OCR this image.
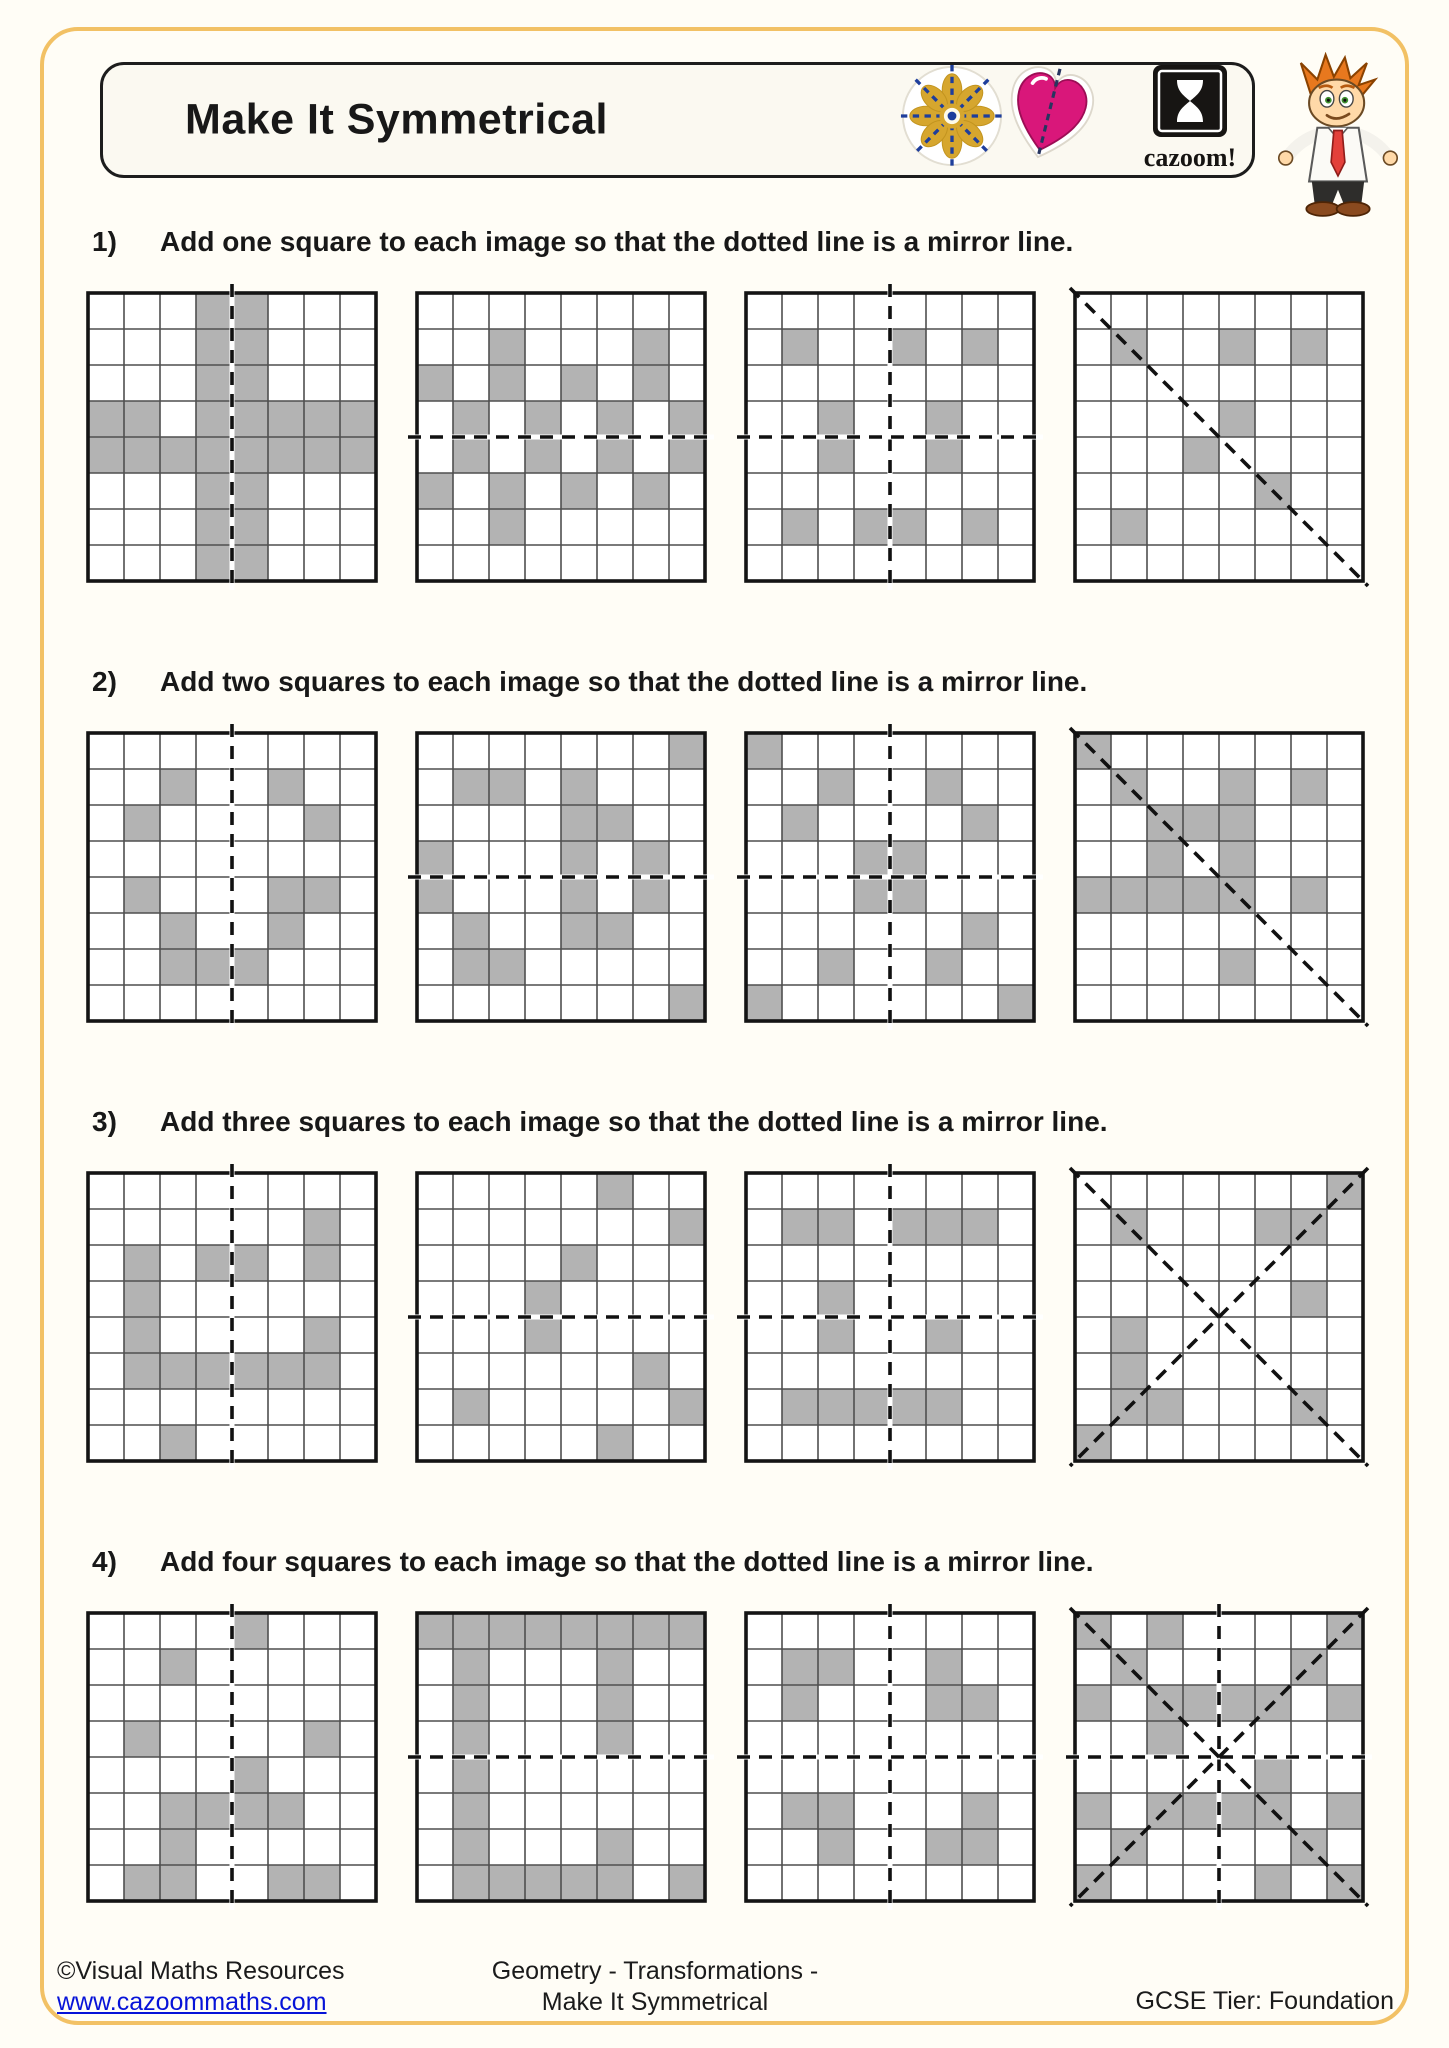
Make It Symmetrical
cazoom!
1)	Add one square to each image so that the dotted line is a mirror line.
2)	Add two squares to each image so that the dotted line is a mirror line.
3)	Add three squares to each image so that the dotted line is a mirror line.
4)	Add four squares to each image so that the dotted line is a mirror line.
©Visual Maths Resources
www.cazoommaths.com
Geometry - Transformations -
Make It Symmetrical	GCSE Tier: Foundation
